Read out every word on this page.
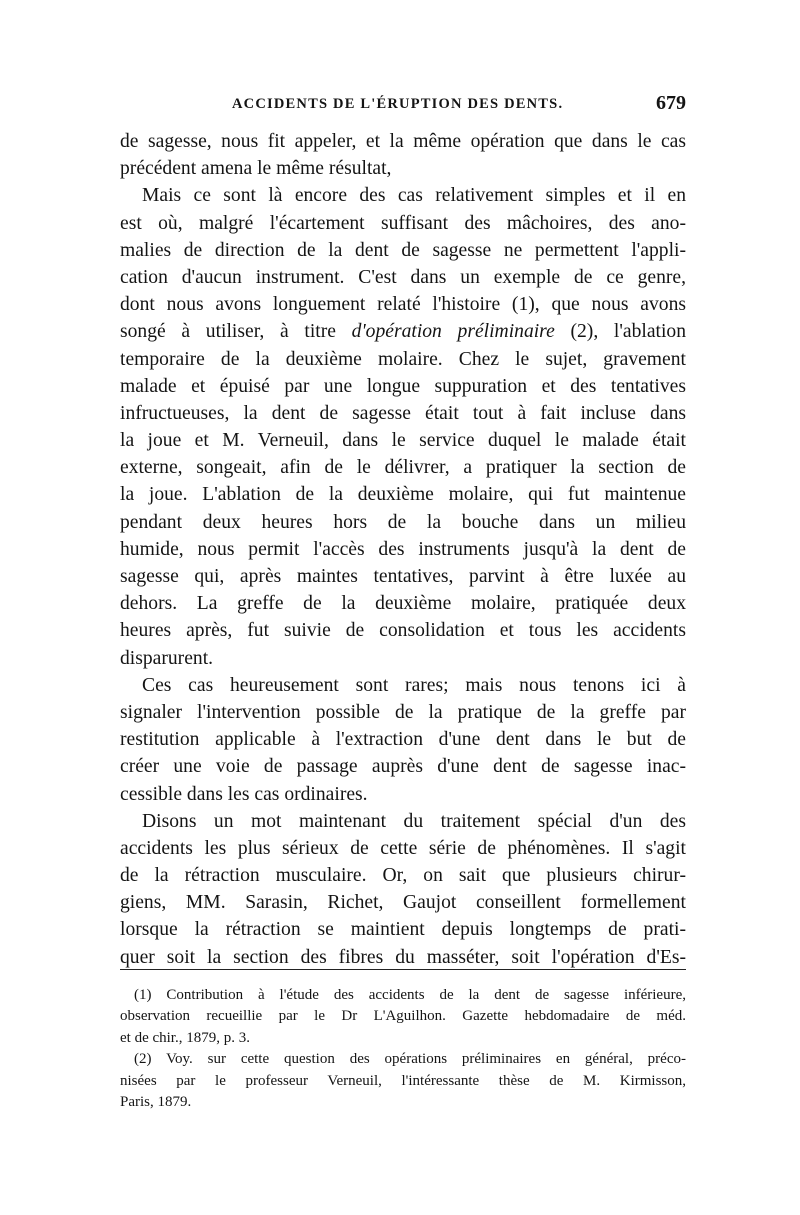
ACCIDENTS DE L'ÉRUPTION DES DENTS.	679
de sagesse, nous fit appeler, et la même opération que dans le cas
précédent amena le même résultat,
Mais ce sont là encore des cas relativement simples et il en
est où, malgré l'écartement suffisant des mâchoires, des ano-
malies de direction de la dent de sagesse ne permettent l'appli-
cation d'aucun instrument. C'est dans un exemple de ce genre,
dont nous avons longuement relaté l'histoire (1), que nous avons
songé à utiliser, à titre d'opération préliminaire (2), l'ablation
temporaire de la deuxième molaire. Chez le sujet, gravement
malade et épuisé par une longue suppuration et des tentatives
infructueuses, la dent de sagesse était tout à fait incluse dans
la joue et M. Verneuil, dans le service duquel le malade était
externe, songeait, afin de le délivrer, a pratiquer la section de
la joue. L'ablation de la deuxième molaire, qui fut maintenue
pendant deux heures hors de la bouche dans un milieu
humide, nous permit l'accès des instruments jusqu'à la dent de
sagesse qui, après maintes tentatives, parvint à être luxée au
dehors. La greffe de la deuxième molaire, pratiquée deux
heures après, fut suivie de consolidation et tous les accidents
disparurent.
Ces cas heureusement sont rares; mais nous tenons ici à
signaler l'intervention possible de la pratique de la greffe par
restitution applicable à l'extraction d'une dent dans le but de
créer une voie de passage auprès d'une dent de sagesse inac-
cessible dans les cas ordinaires.
Disons un mot maintenant du traitement spécial d'un des
accidents les plus sérieux de cette série de phénomènes. Il s'agit
de la rétraction musculaire. Or, on sait que plusieurs chirur-
giens, MM. Sarasin, Richet, Gaujot conseillent formellement
lorsque la rétraction se maintient depuis longtemps de prati-
quer soit la section des fibres du masséter, soit l'opération d'Es-
(1) Contribution à l'étude des accidents de la dent de sagesse inférieure,
observation recueillie par le Dr L'Aguilhon. Gazette hebdomadaire de méd.
et de chir., 1879, p. 3.
(2) Voy. sur cette question des opérations préliminaires en général, préco-
nisées par le professeur Verneuil, l'intéressante thèse de M. Kirmisson,
Paris, 1879.
